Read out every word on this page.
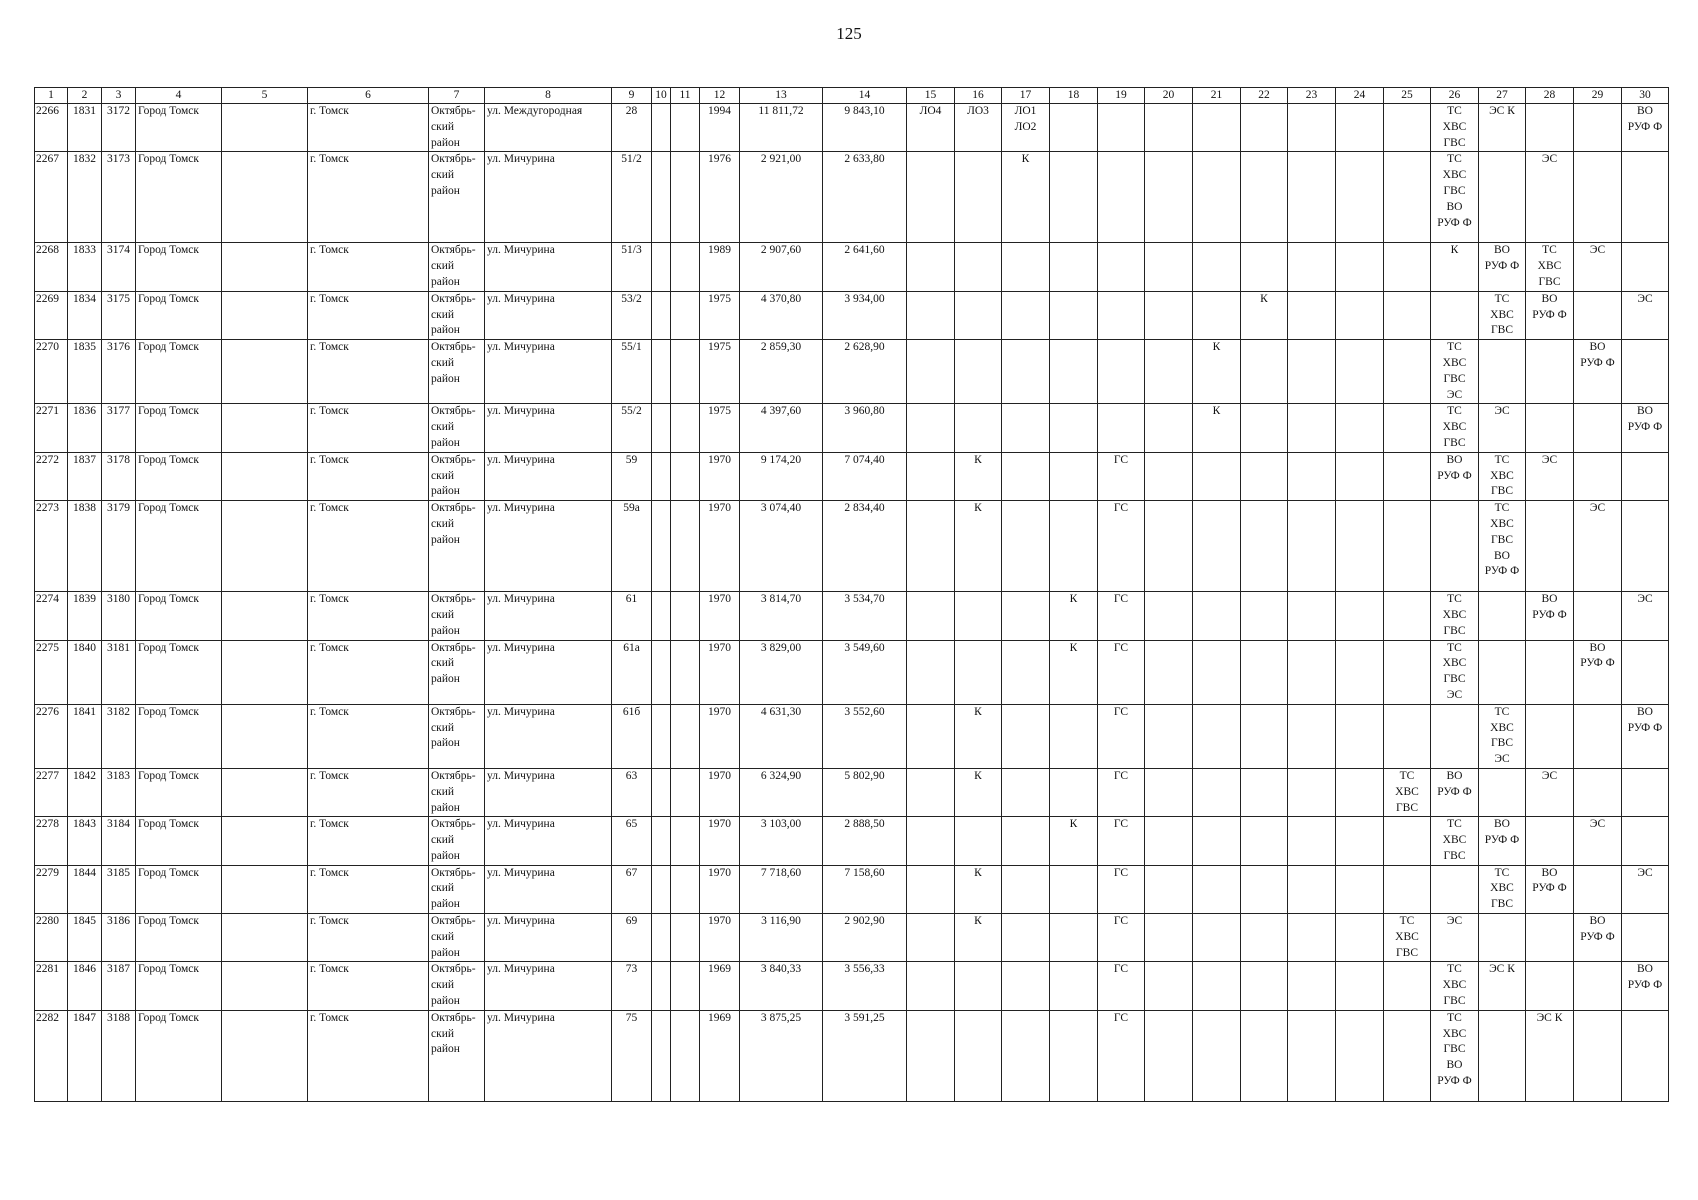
125
1	2	3	4	5	6	7	8	9	10	11	12	13	14	15	16	17	18	19	20	21	22	23	24	25	26	27	28	29	30
2266	1831	3172	Город Томск		г. Томск	Октябрь-
ский
район	ул. Междугородная	28			1994	11 811,72	9 843,10	ЛО4	ЛО3	ЛО1
ЛО2									ТС
ХВС
ГВС	ЭС К			ВО
РУФ Ф
2267	1832	3173	Город Томск		г. Томск	Октябрь-
ский
район	ул. Мичурина	51/2			1976	2 921,00	2 633,80			К									ТС
ХВС
ГВС
ВО
РУФ Ф		ЭС		
2268	1833	3174	Город Томск		г. Томск	Октябрь-
ский
район	ул. Мичурина	51/3			1989	2 907,60	2 641,60												К	ВО
РУФ Ф	ТС
ХВС
ГВС	ЭС	
2269	1834	3175	Город Томск		г. Томск	Октябрь-
ский
район	ул. Мичурина	53/2			1975	4 370,80	3 934,00								К					ТС
ХВС
ГВС	ВО
РУФ Ф		ЭС
2270	1835	3176	Город Томск		г. Томск	Октябрь-
ский
район	ул. Мичурина	55/1			1975	2 859,30	2 628,90							К					ТС
ХВС
ГВС
ЭС			ВО
РУФ Ф	
2271	1836	3177	Город Томск		г. Томск	Октябрь-
ский
район	ул. Мичурина	55/2			1975	4 397,60	3 960,80							К					ТС
ХВС
ГВС	ЭС			ВО
РУФ Ф
2272	1837	3178	Город Томск		г. Томск	Октябрь-
ский
район	ул. Мичурина	59			1970	9 174,20	7 074,40		К			ГС							ВО
РУФ Ф	ТС
ХВС
ГВС	ЭС		
2273	1838	3179	Город Томск		г. Томск	Октябрь-
ский
район	ул. Мичурина	59а			1970	3 074,40	2 834,40		К			ГС								ТС
ХВС
ГВС
ВО
РУФ Ф		ЭС	
2274	1839	3180	Город Томск		г. Томск	Октябрь-
ский
район	ул. Мичурина	61			1970	3 814,70	3 534,70				К	ГС							ТС
ХВС
ГВС		ВО
РУФ Ф		ЭС
2275	1840	3181	Город Томск		г. Томск	Октябрь-
ский
район	ул. Мичурина	61а			1970	3 829,00	3 549,60				К	ГС							ТС
ХВС
ГВС
ЭС			ВО
РУФ Ф	
2276	1841	3182	Город Томск		г. Томск	Октябрь-
ский
район	ул. Мичурина	61б			1970	4 631,30	3 552,60		К			ГС								ТС
ХВС
ГВС
ЭС			ВО
РУФ Ф
2277	1842	3183	Город Томск		г. Томск	Октябрь-
ский
район	ул. Мичурина	63			1970	6 324,90	5 802,90		К			ГС						ТС
ХВС
ГВС	ВО
РУФ Ф		ЭС		
2278	1843	3184	Город Томск		г. Томск	Октябрь-
ский
район	ул. Мичурина	65			1970	3 103,00	2 888,50				К	ГС							ТС
ХВС
ГВС	ВО
РУФ Ф		ЭС	
2279	1844	3185	Город Томск		г. Томск	Октябрь-
ский
район	ул. Мичурина	67			1970	7 718,60	7 158,60		К			ГС								ТС
ХВС
ГВС	ВО
РУФ Ф		ЭС
2280	1845	3186	Город Томск		г. Томск	Октябрь-
ский
район	ул. Мичурина	69			1970	3 116,90	2 902,90		К			ГС						ТС
ХВС
ГВС	ЭС			ВО
РУФ Ф	
2281	1846	3187	Город Томск		г. Томск	Октябрь-
ский
район	ул. Мичурина	73			1969	3 840,33	3 556,33					ГС							ТС
ХВС
ГВС	ЭС К			ВО
РУФ Ф
2282	1847	3188	Город Томск		г. Томск	Октябрь-
ский
район	ул. Мичурина	75			1969	3 875,25	3 591,25					ГС							ТС
ХВС
ГВС
ВО
РУФ Ф		ЭС К		
